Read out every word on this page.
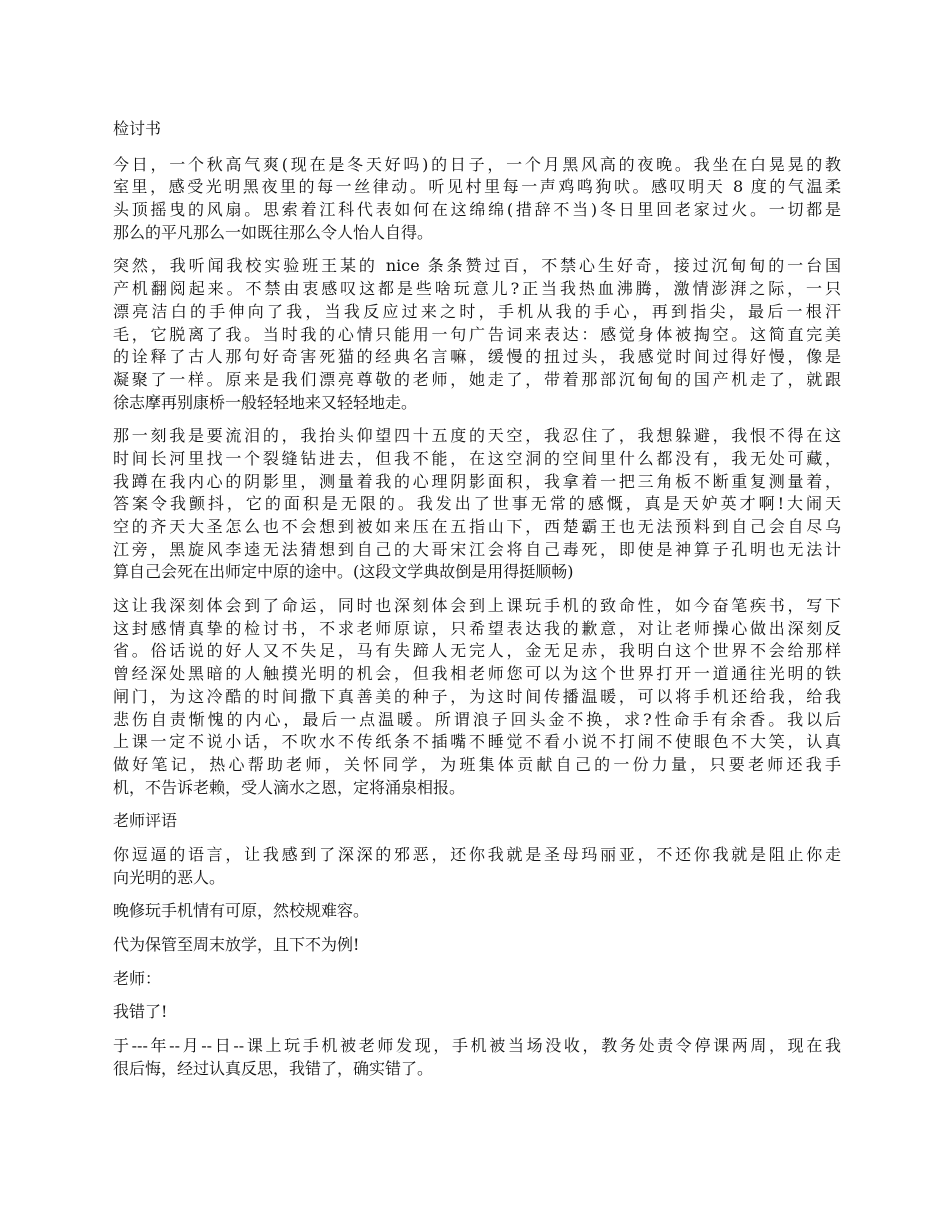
检讨书
今日，一个秋高气爽(现在是冬天好吗)的日子，一个月黑风高的夜晚。我坐在白晃晃的教
室里，感受光明黑夜里的每一丝律动。听见村里每一声鸡鸣狗吠。感叹明天 8 度的气温柔
头顶摇曳的风扇。思索着江科代表如何在这绵绵(措辞不当)冬日里回老家过火。一切都是
那么的平凡那么一如既往那么令人怡人自得。
突然，我听闻我校实验班王某的 nice 条条赞过百，不禁心生好奇，接过沉甸甸的一台国
产机翻阅起来。不禁由衷感叹这都是些啥玩意儿?正当我热血沸腾，激情澎湃之际，一只
漂亮洁白的手伸向了我，当我反应过来之时，手机从我的手心，再到指尖，最后一根汗
毛，它脱离了我。当时我的心情只能用一句广告词来表达：感觉身体被掏空。这简直完美
的诠释了古人那句好奇害死猫的经典名言嘛，缓慢的扭过头，我感觉时间过得好慢，像是
凝聚了一样。原来是我们漂亮尊敬的老师，她走了，带着那部沉甸甸的国产机走了，就跟
徐志摩再别康桥一般轻轻地来又轻轻地走。
那一刻我是要流泪的，我抬头仰望四十五度的天空，我忍住了，我想躲避，我恨不得在这
时间长河里找一个裂缝钻进去，但我不能，在这空洞的空间里什么都没有，我无处可藏，
我蹲在我内心的阴影里，测量着我的心理阴影面积，我拿着一把三角板不断重复测量着，
答案令我颤抖，它的面积是无限的。我发出了世事无常的感慨，真是天妒英才啊!大闹天
空的齐天大圣怎么也不会想到被如来压在五指山下，西楚霸王也无法预料到自己会自尽乌
江旁，黑旋风李逵无法猜想到自己的大哥宋江会将自己毒死，即使是神算子孔明也无法计
算自己会死在出师定中原的途中。(这段文学典故倒是用得挺顺畅)
这让我深刻体会到了命运，同时也深刻体会到上课玩手机的致命性，如今奋笔疾书，写下
这封感情真挚的检讨书，不求老师原谅，只希望表达我的歉意，对让老师操心做出深刻反
省。俗话说的好人又不失足，马有失蹄人无完人，金无足赤，我明白这个世界不会给那样
曾经深处黑暗的人触摸光明的机会，但我相老师您可以为这个世界打开一道通往光明的铁
闸门，为这冷酷的时间撒下真善美的种子，为这时间传播温暖，可以将手机还给我，给我
悲伤自责惭愧的内心，最后一点温暖。所谓浪子回头金不换，求?性命手有余香。我以后
上课一定不说小话，不吹水不传纸条不插嘴不睡觉不看小说不打闹不使眼色不大笑，认真
做好笔记，热心帮助老师，关怀同学，为班集体贡献自己的一份力量，只要老师还我手
机，不告诉老赖，受人滴水之恩，定将涌泉相报。
老师评语
你逗逼的语言，让我感到了深深的邪恶，还你我就是圣母玛丽亚，不还你我就是阻止你走
向光明的恶人。
晚修玩手机情有可原，然校规难容。
代为保管至周末放学，且下不为例!
老师：
我错了!
于---年--月--日--课上玩手机被老师发现，手机被当场没收，教务处责令停课两周，现在我
很后悔，经过认真反思，我错了，确实错了。
